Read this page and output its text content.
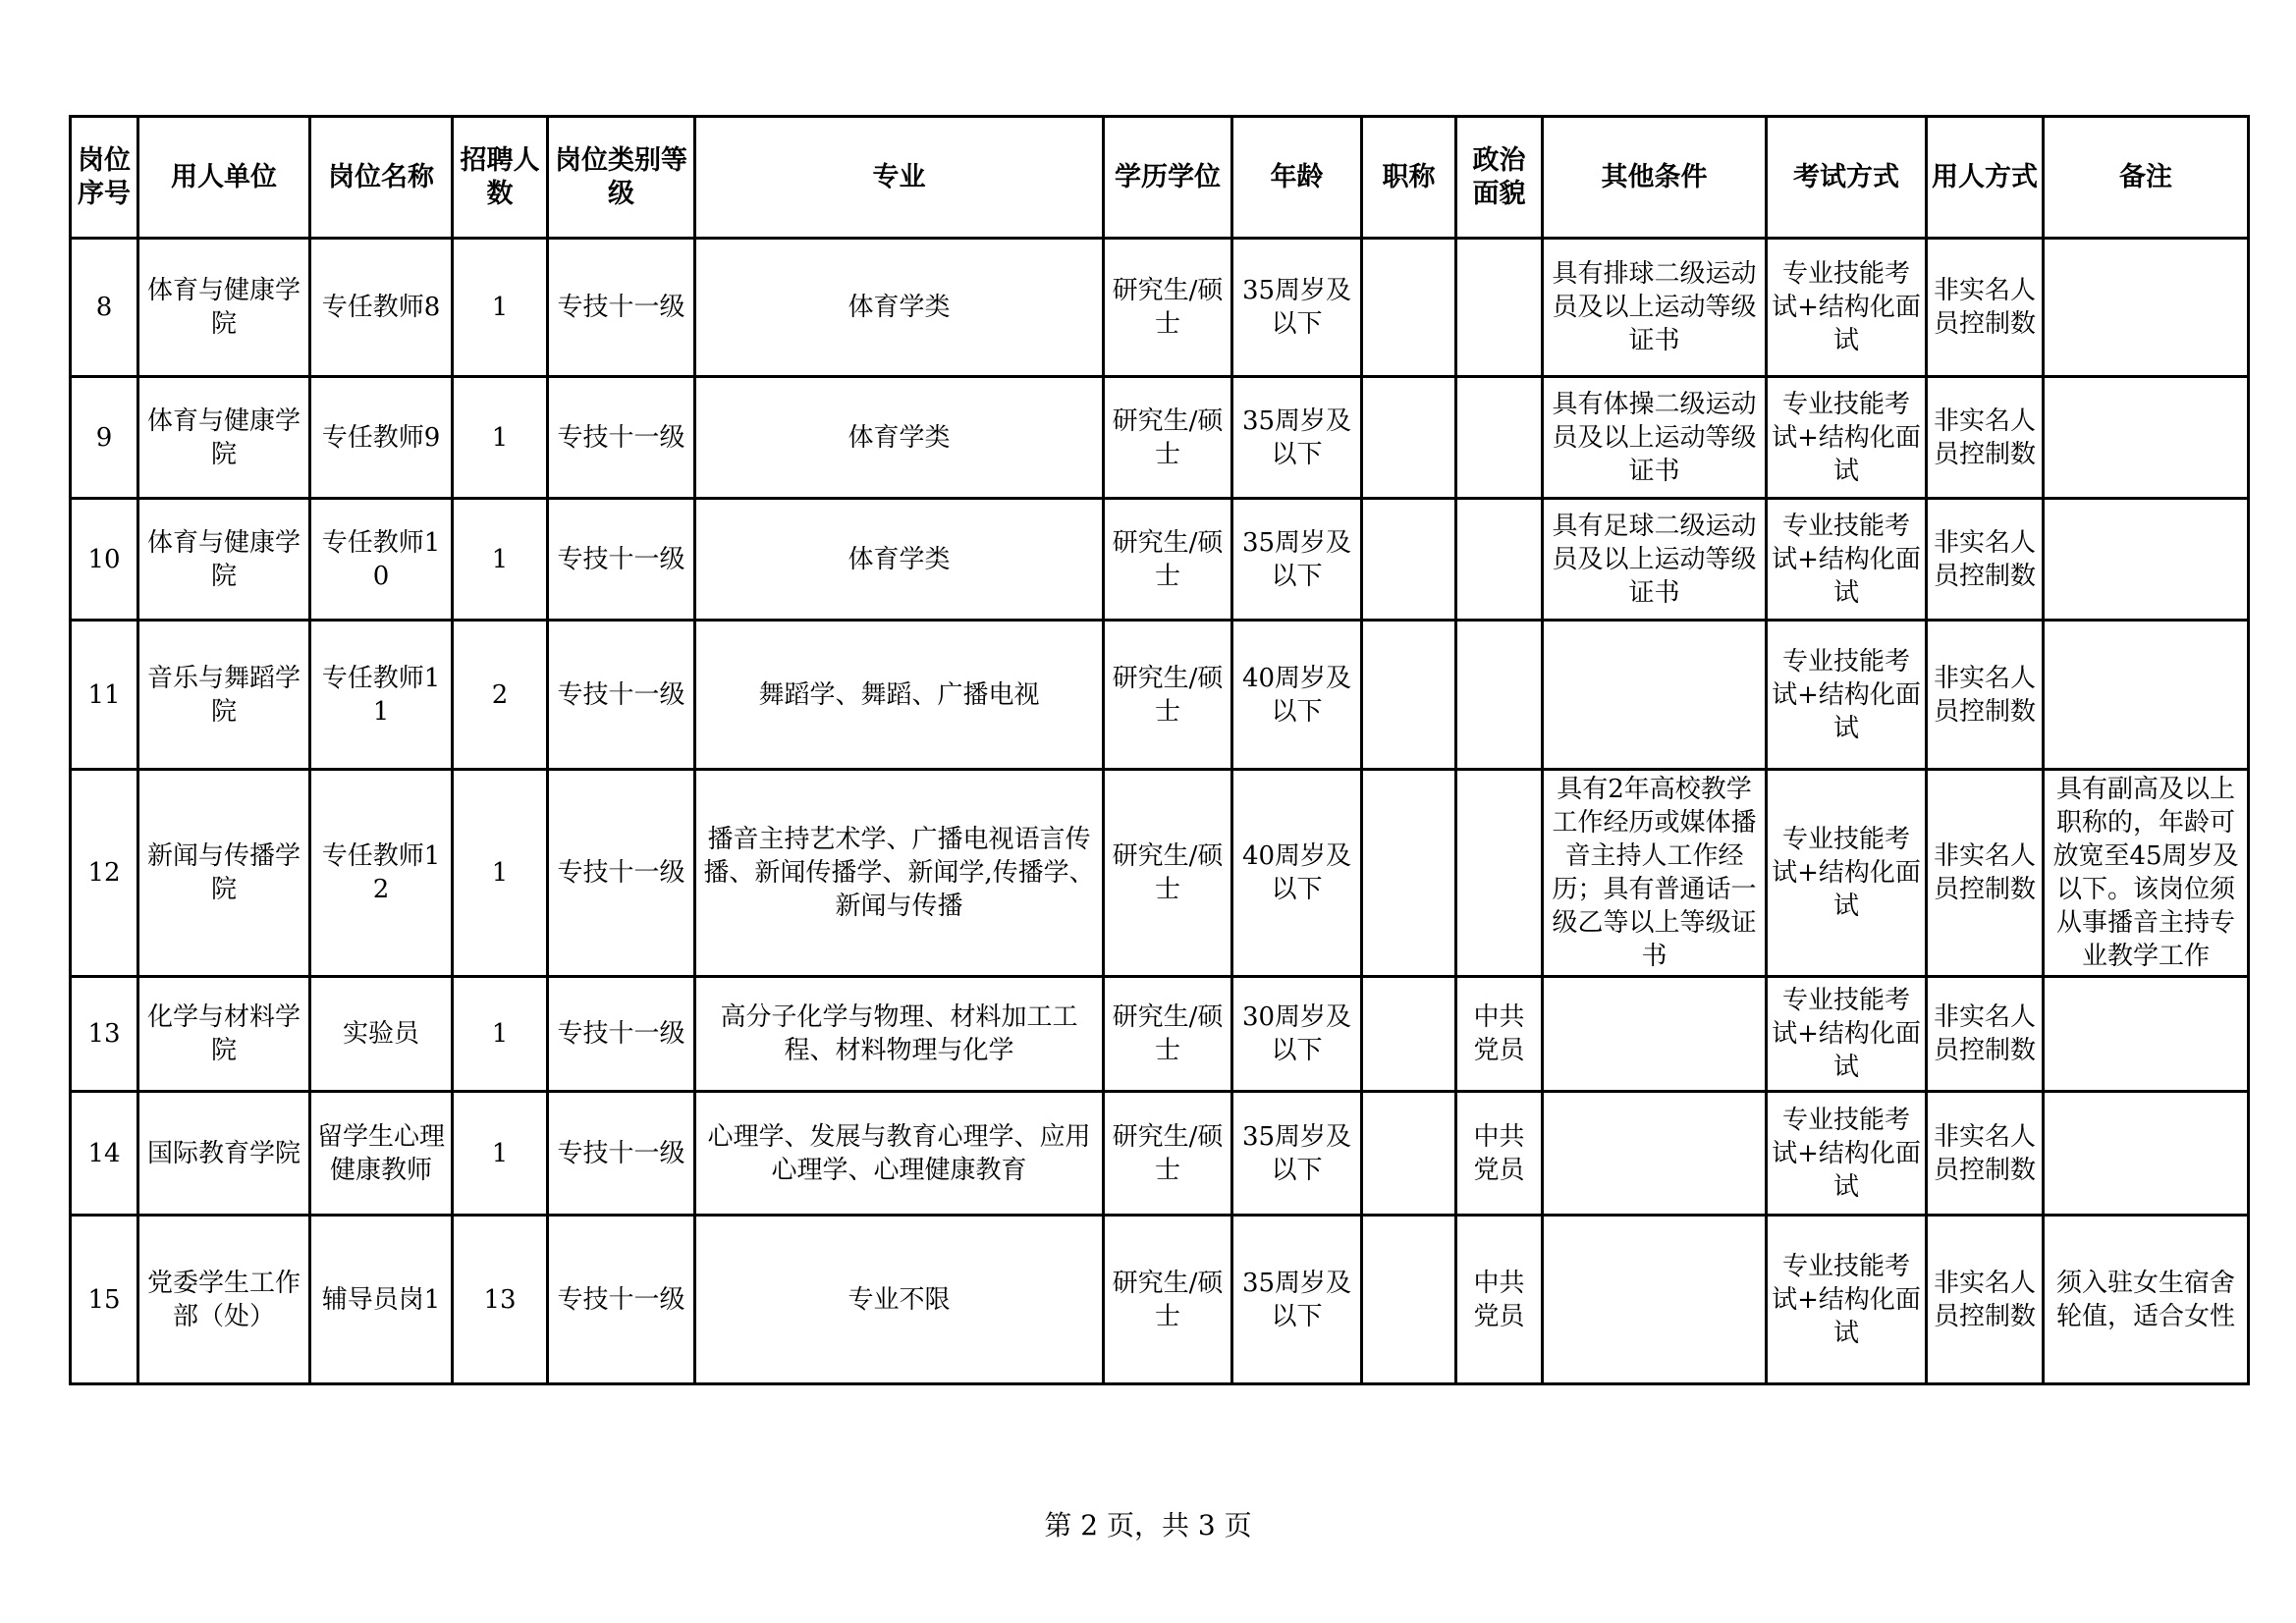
岗位序号	用人单位	岗位名称	招聘人数	岗位类别等级	专业	学历学位	年龄	职称	政治面貌	其他条件	考试方式	用人方式	备注
8	体育与健康学院	专任教师8	1	专技十一级	体育学类	研究生/硕士	35周岁及以下			具有排球二级运动员及以上运动等级证书	专业技能考试+结构化面试	非实名人员控制数	
9	体育与健康学院	专任教师9	1	专技十一级	体育学类	研究生/硕士	35周岁及以下			具有体操二级运动员及以上运动等级证书	专业技能考试+结构化面试	非实名人员控制数	
10	体育与健康学院	专任教师10	1	专技十一级	体育学类	研究生/硕士	35周岁及以下			具有足球二级运动员及以上运动等级证书	专业技能考试+结构化面试	非实名人员控制数	
11	音乐与舞蹈学院	专任教师11	2	专技十一级	舞蹈学、舞蹈、广播电视	研究生/硕士	40周岁及以下				专业技能考试+结构化面试	非实名人员控制数	
12	新闻与传播学院	专任教师12	1	专技十一级	播音主持艺术学、广播电视语言传播、新闻传播学、新闻学,传播学、新闻与传播	研究生/硕士	40周岁及以下			具有2年高校教学工作经历或媒体播音主持人工作经历；具有普通话一级乙等以上等级证书	专业技能考试+结构化面试	非实名人员控制数	具有副高及以上职称的，年龄可放宽至45周岁及以下。该岗位须从事播音主持专业教学工作
13	化学与材料学院	实验员	1	专技十一级	高分子化学与物理、材料加工工程、材料物理与化学	研究生/硕士	30周岁及以下		中共党员		专业技能考试+结构化面试	非实名人员控制数	
14	国际教育学院	留学生心理健康教师	1	专技十一级	心理学、发展与教育心理学、应用心理学、心理健康教育	研究生/硕士	35周岁及以下		中共党员		专业技能考试+结构化面试	非实名人员控制数	
15	党委学生工作部（处）	辅导员岗1	13	专技十一级	专业不限	研究生/硕士	35周岁及以下		中共党员		专业技能考试+结构化面试	非实名人员控制数	须入驻女生宿舍轮值，适合女性
第 2 页，共 3 页
